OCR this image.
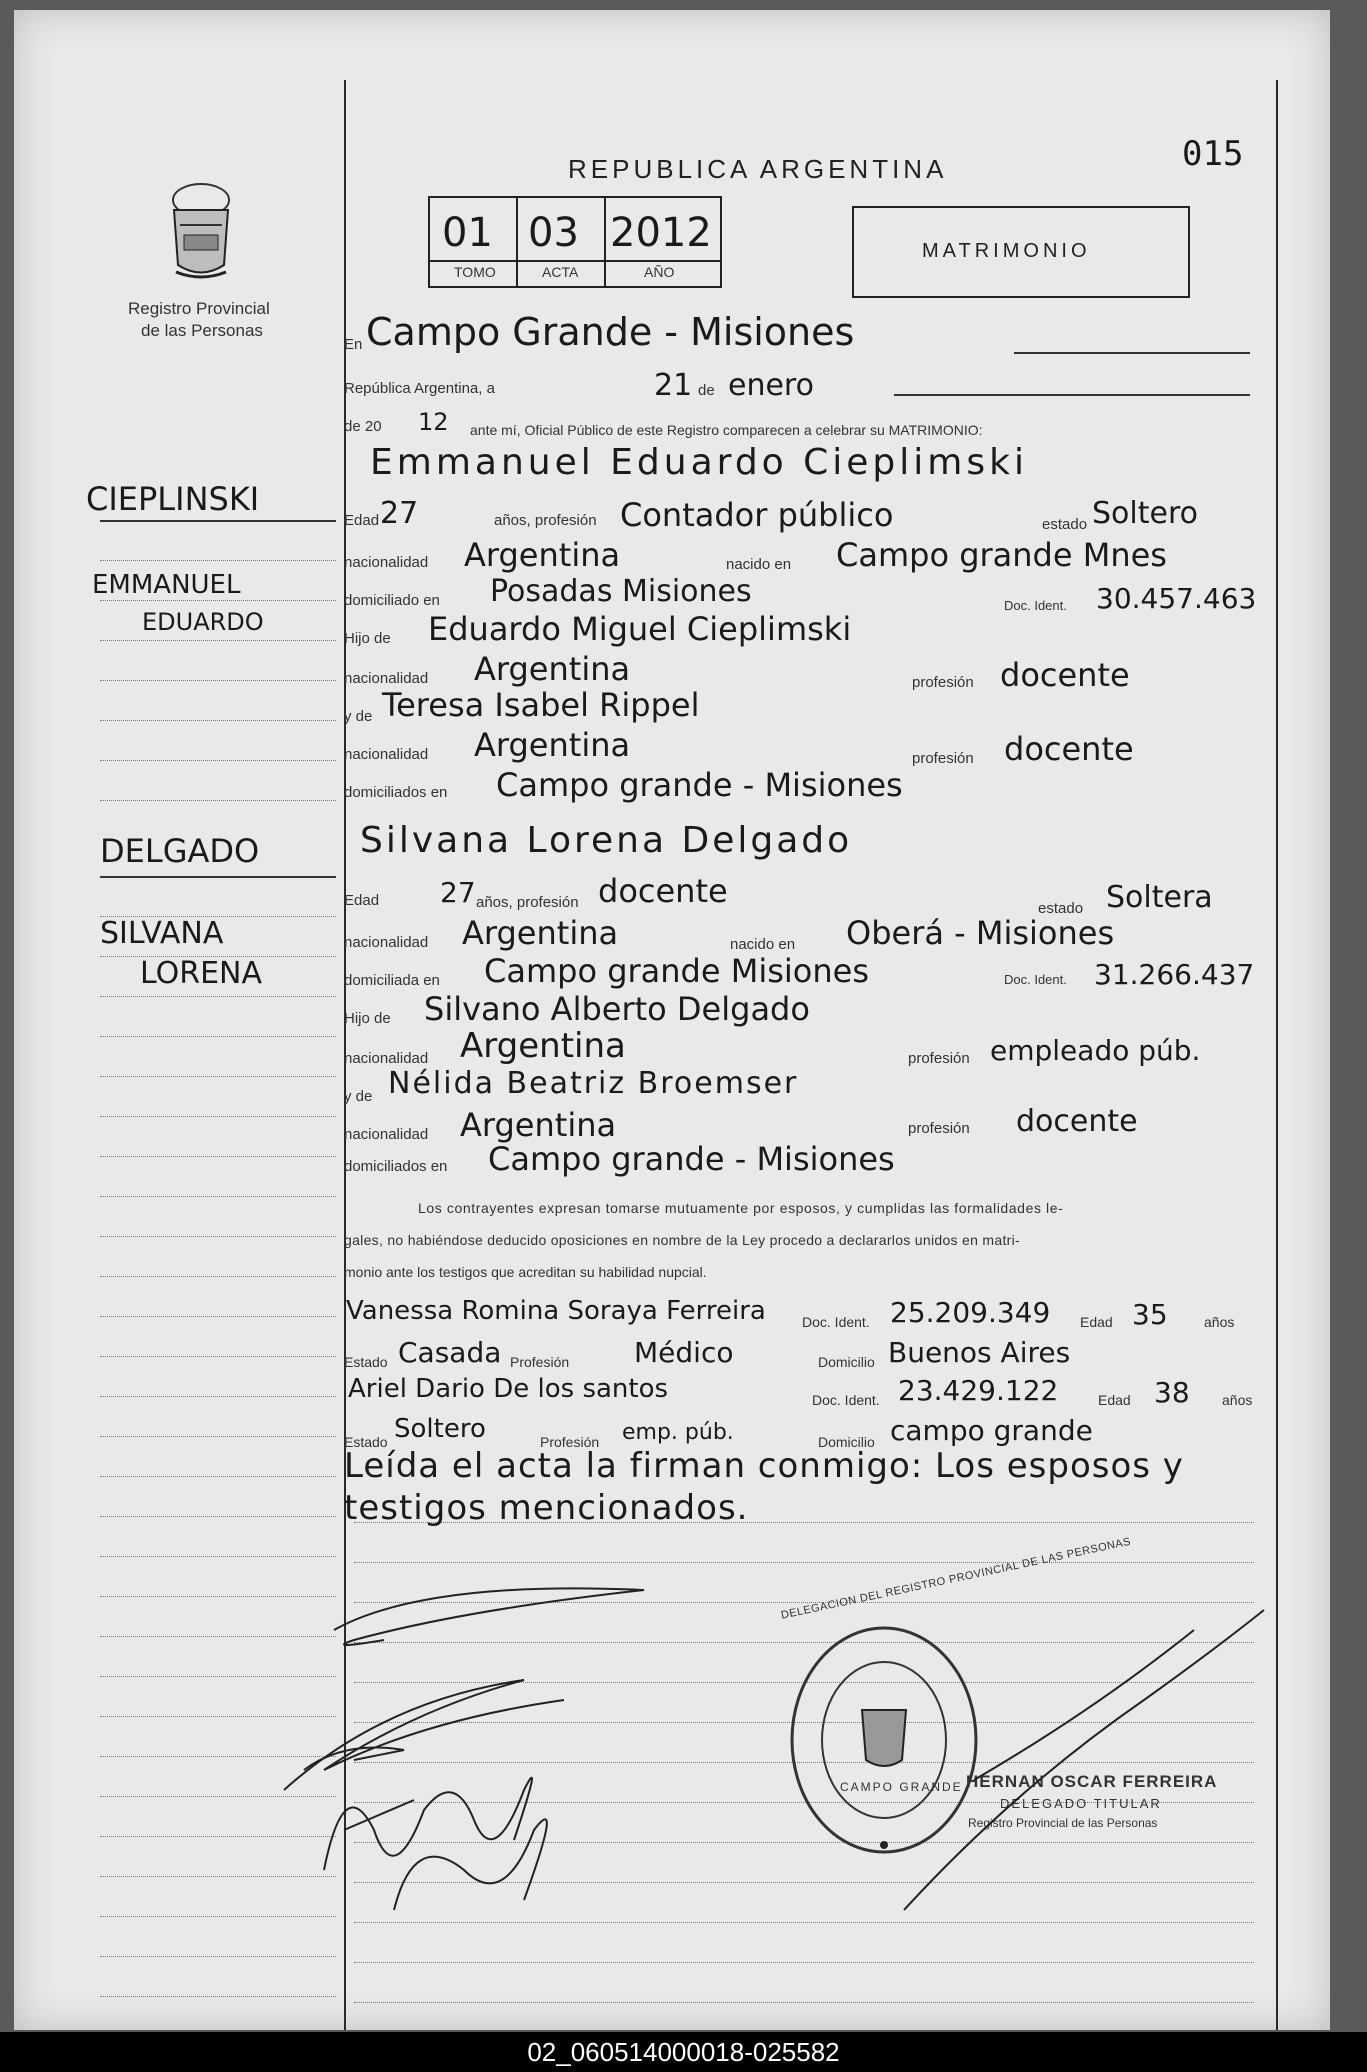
Registro Provincial
de las Personas
REPUBLICA ARGENTINA	015
01 03 2012
TOMO	ACTA	AÑO
MATRIMONIO
CIEPLINSKI
EMMANUEL
EDUARDO
DELGADO
SILVANA
LORENA
En Campo Grande - Misiones
República Argentina, a	21 de enero
de 20 12 ante mí, Oficial Público de este Registro comparecen a celebrar su MATRIMONIO:
Emmanuel Eduardo Cieplimski
Edad 27	años, profesión Contador público	estado Soltero
nacionalidad Argentina	nacido en Campo grande Mnes
domiciliado en Posadas Misiones	Doc. Ident. 30.457.463
Hijo de Eduardo Miguel Cieplimski
nacionalidad Argentina	profesión docente
y de Teresa Isabel Rippel
nacionalidad Argentina	profesión docente
domiciliados en Campo grande - Misiones
Silvana Lorena Delgado
Edad 27 años, profesión docente	estado Soltera
nacionalidad Argentina	nacido en Oberá - Misiones
domiciliada en Campo grande Misiones	Doc. Ident. 31.266.437
Hijo de Silvano Alberto Delgado
nacionalidad Argentina	profesión empleado púb.
y de Nélida Beatriz Broemser
nacionalidad Argentina	profesión docente
domiciliados en Campo grande - Misiones
Los contrayentes expresan tomarse mutuamente por esposos, y cumplidas las formalidades le-
gales, no habiéndose deducido oposiciones en nombre de la Ley procedo a declararlos unidos en matri-
monio ante los testigos que acreditan su habilidad nupcial.
Vanessa Romina Soraya Ferreira	Doc. Ident. 25.209.349 Edad 35	años
Estado Casada Profesión Médico	Domicilio Buenos Aires
Ariel Dario De los santos	Doc. Ident. 23.429.122	Edad 38 años
Estado Soltero	Profesión emp. púb.	Domicilio campo grande
Leída el acta la firman conmigo: Los esposos y
testigos mencionados.
DELEGACION DEL REGISTRO PROVINCIAL DE LAS PERSONAS
CAMPO GRANDE HERNAN OSCAR FERREIRA
DELEGADO TITULAR
Registro Provincial de las Personas
02_060514000018-025582
